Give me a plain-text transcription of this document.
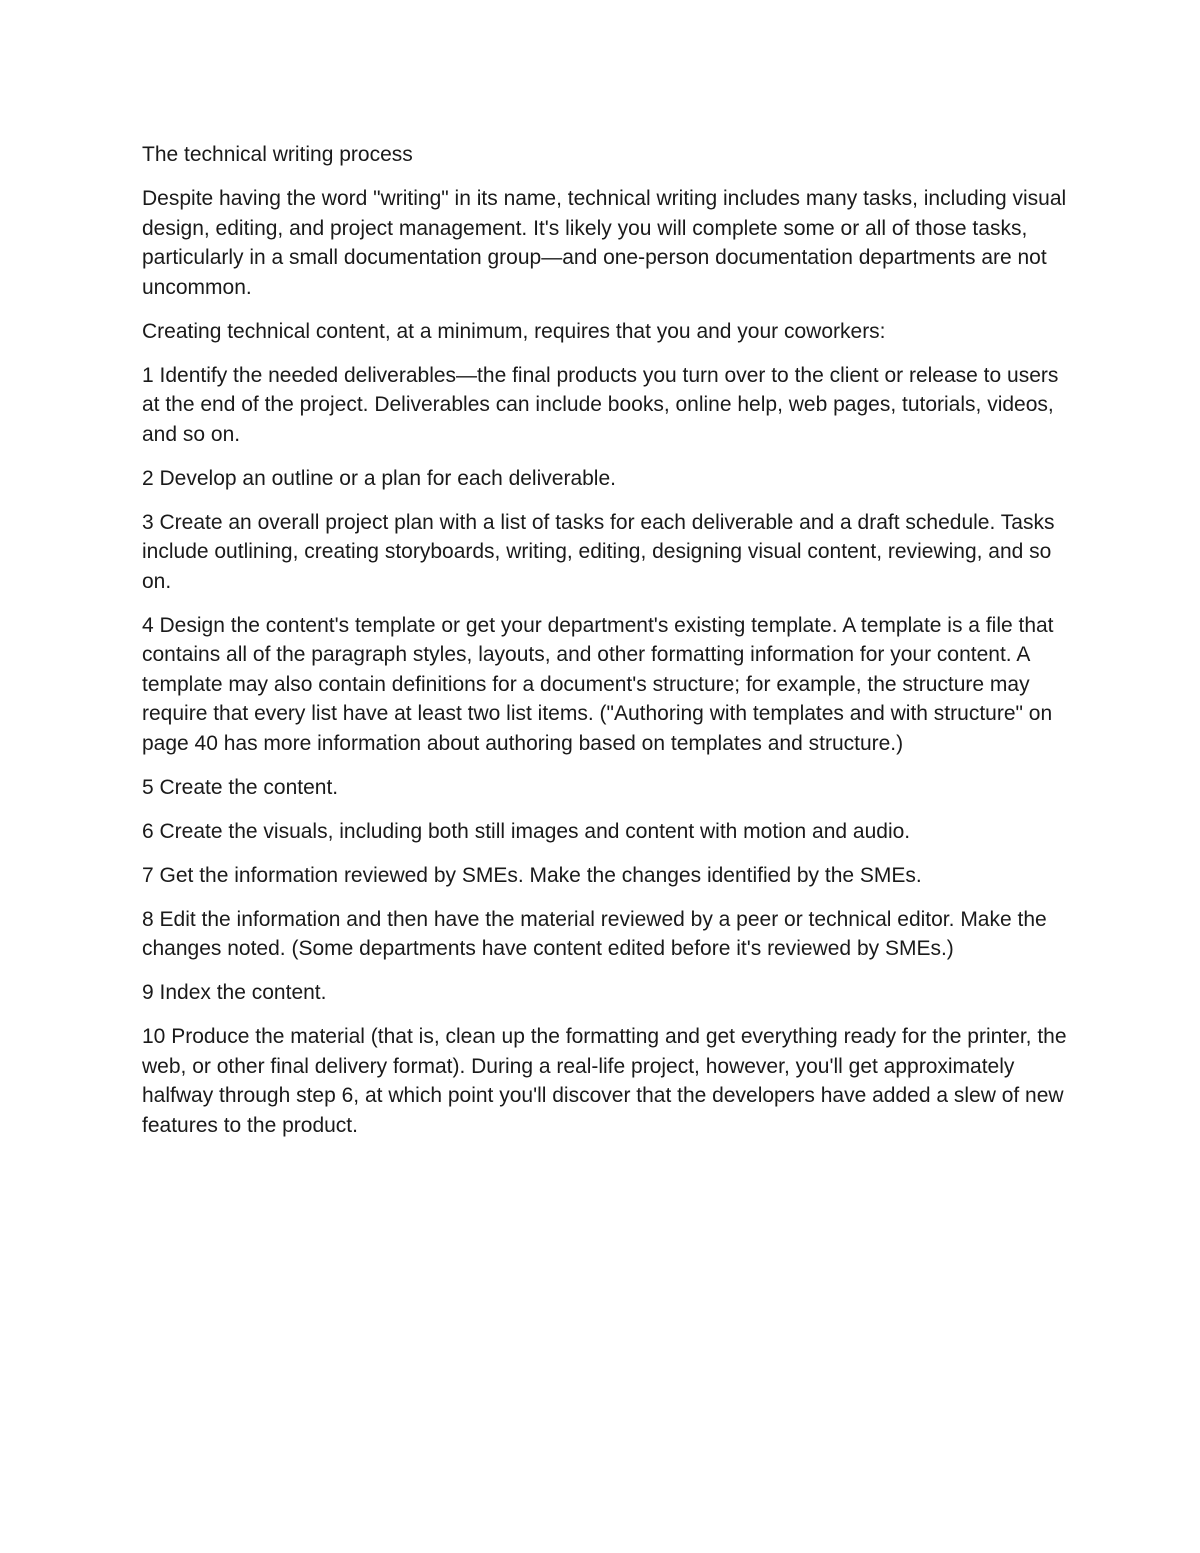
The technical writing process

Despite having the word "writing" in its name, technical writing includes many tasks, including visual design, editing, and project management. It's likely you will complete some or all of those tasks, particularly in a small documentation group—and one-person documentation departments are not uncommon.

Creating technical content, at a minimum, requires that you and your coworkers:

1 Identify the needed deliverables—the final products you turn over to the client or release to users at the end of the project. Deliverables can include books, online help, web pages, tutorials, videos, and so on.

2 Develop an outline or a plan for each deliverable.

3 Create an overall project plan with a list of tasks for each deliverable and a draft schedule. Tasks include outlining, creating storyboards, writing, editing, designing visual content, reviewing, and so on.

4 Design the content's template or get your department's existing template. A template is a file that contains all of the paragraph styles, layouts, and other formatting information for your content. A template may also contain definitions for a document's structure; for example, the structure may require that every list have at least two list items. ("Authoring with templates and with structure" on page 40 has more information about authoring based on templates and structure.)

5 Create the content.

6 Create the visuals, including both still images and content with motion and audio.

7 Get the information reviewed by SMEs. Make the changes identified by the SMEs.

8 Edit the information and then have the material reviewed by a peer or technical editor. Make the changes noted. (Some departments have content edited before it's reviewed by SMEs.)

9 Index the content.

10 Produce the material (that is, clean up the formatting and get everything ready for the printer, the web, or other final delivery format). During a real-life project, however, you'll get approximately halfway through step 6, at which point you'll discover that the developers have added a slew of new features to the product.
